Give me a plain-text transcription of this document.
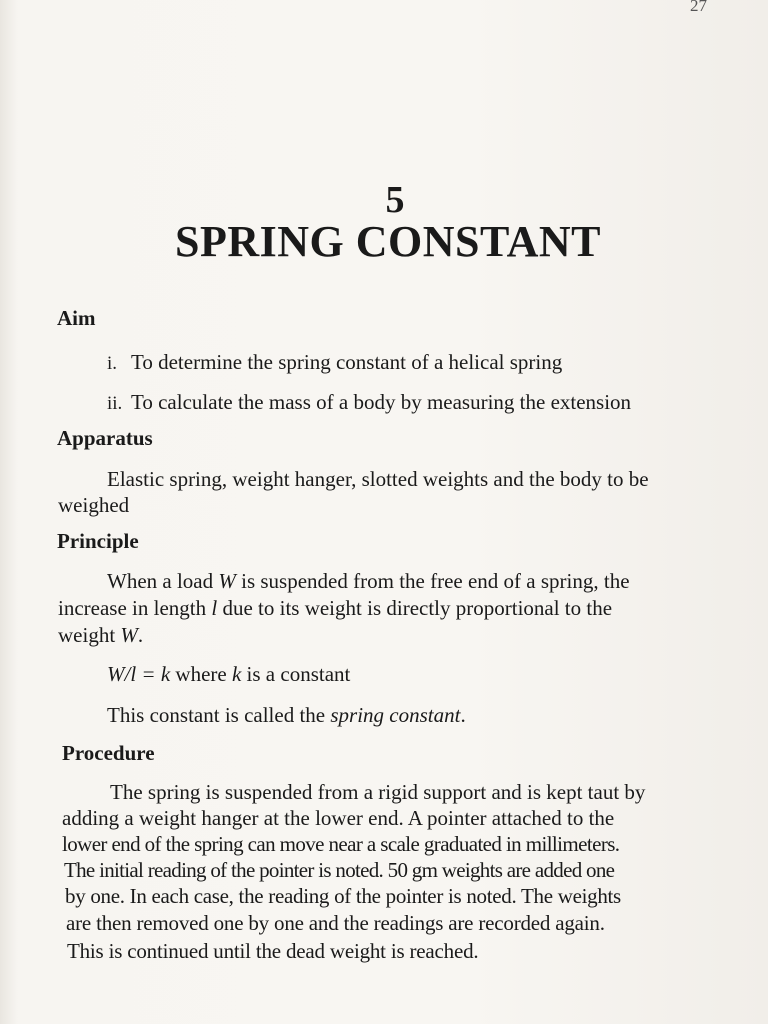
27
5
SPRING CONSTANT
Aim
i. To determine the spring constant of a helical spring
ii. To calculate the mass of a body by measuring the extension
Apparatus
Elastic spring, weight hanger, slotted weights and the body to be
weighed
Principle
When a load W is suspended from the free end of a spring, the
increase in length l due to its weight is directly proportional to the
weight W.
W/l = k where k is a constant
This constant is called the spring constant.
Procedure
The spring is suspended from a rigid support and is kept taut by
adding a weight hanger at the lower end. A pointer attached to the
lower end of the spring can move near a scale graduated in millimeters.
The initial reading of the pointer is noted. 50 gm weights are added one
by one. In each case, the reading of the pointer is noted. The weights
are then removed one by one and the readings are recorded again.
This is continued until the dead weight is reached.
